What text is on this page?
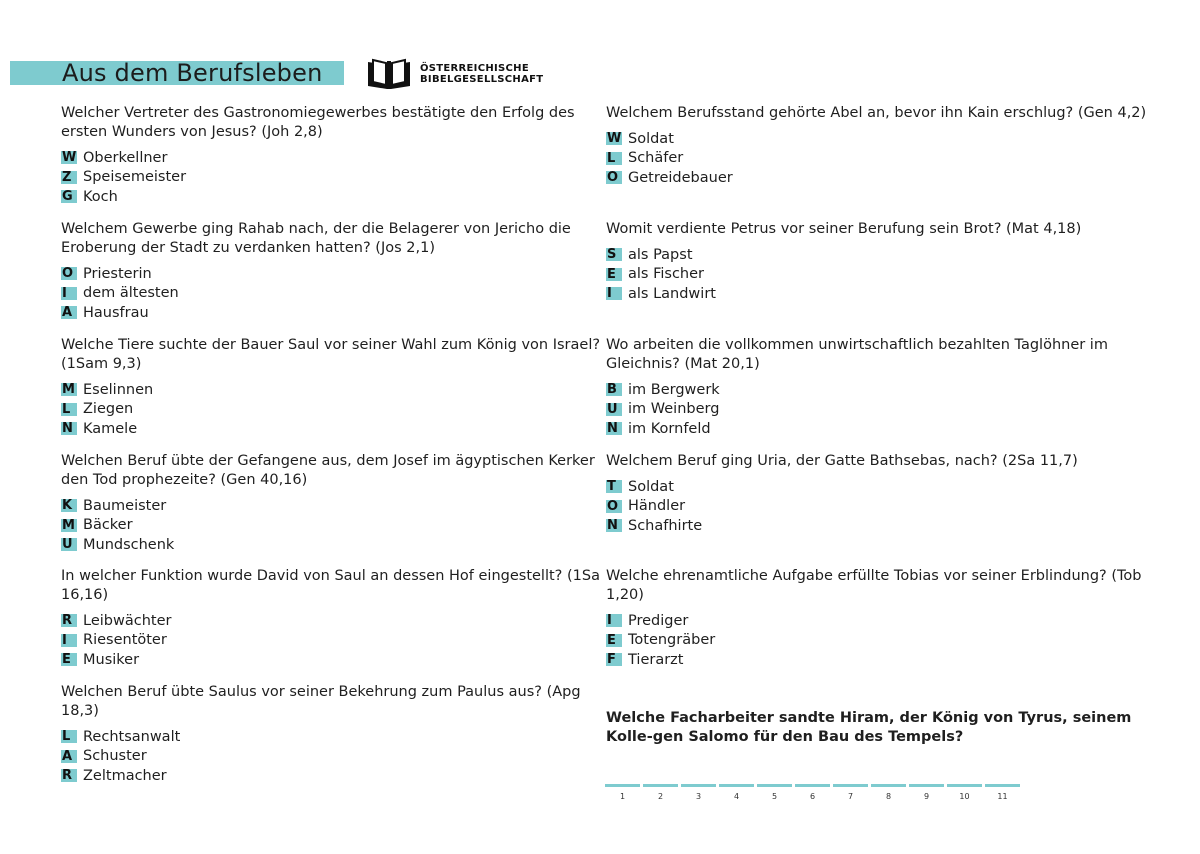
Aus dem Berufsleben	ÖSTERREICHISCHE
BIBELGESELLSCHAFT
Welcher Vertreter des Gastronomiegewerbes bestätigte den Erfolg des ersten Wunders von Jesus? (Joh 2,8)
W Oberkellner
Z Speisemeister
G Koch
Welchem Gewerbe ging Rahab nach, der die Belagerer von Jericho die Eroberung der Stadt zu verdanken hatten? (Jos 2,1)
O Priesterin
I	dem ältesten
A Hausfrau
Welche Tiere suchte der Bauer Saul vor seiner Wahl zum König von Israel? (1Sam 9,3)
M Eselinnen
L Ziegen
N Kamele
Welchen Beruf übte der Gefangene aus, dem Josef im ägyptischen Kerker den Tod prophezeite? (Gen 40,16)
K Baumeister
M Bäcker
U Mundschenk
In welcher Funktion wurde David von Saul an dessen Hof eingestellt? (1Sa 16,16)
R Leibwächter
I	Riesentöter
E Musiker
Welchen Beruf übte Saulus vor seiner Bekehrung zum Paulus aus? (Apg 18,3)
L Rechtsanwalt
A Schuster
R Zeltmacher
Welchem Berufsstand gehörte Abel an, bevor ihn Kain erschlug? (Gen 4,2)
W Soldat
L Schäfer
O Getreidebauer
Womit verdiente Petrus vor seiner Berufung sein Brot? (Mat 4,18)
S als Papst
E als Fischer
I	als Landwirt
Wo arbeiten die vollkommen unwirtschaftlich bezahlten Taglöhner im Gleichnis? (Mat 20,1)
B im Bergwerk
U im Weinberg
N im Kornfeld
Welchem Beruf ging Uria, der Gatte Bathsebas, nach? (2Sa 11,7)
T Soldat
O Händler
N Schafhirte
Welche ehrenamtliche Aufgabe erfüllte Tobias vor seiner Erblindung? (Tob 1,20)
I	Prediger
E Totengräber
F Tierarzt
Welche Facharbeiter sandte Hiram, der König von Tyrus, seinem Kolle-gen Salomo für den Bau des Tempels?
1	2	3	4	5	6	7	8	9	10	11
